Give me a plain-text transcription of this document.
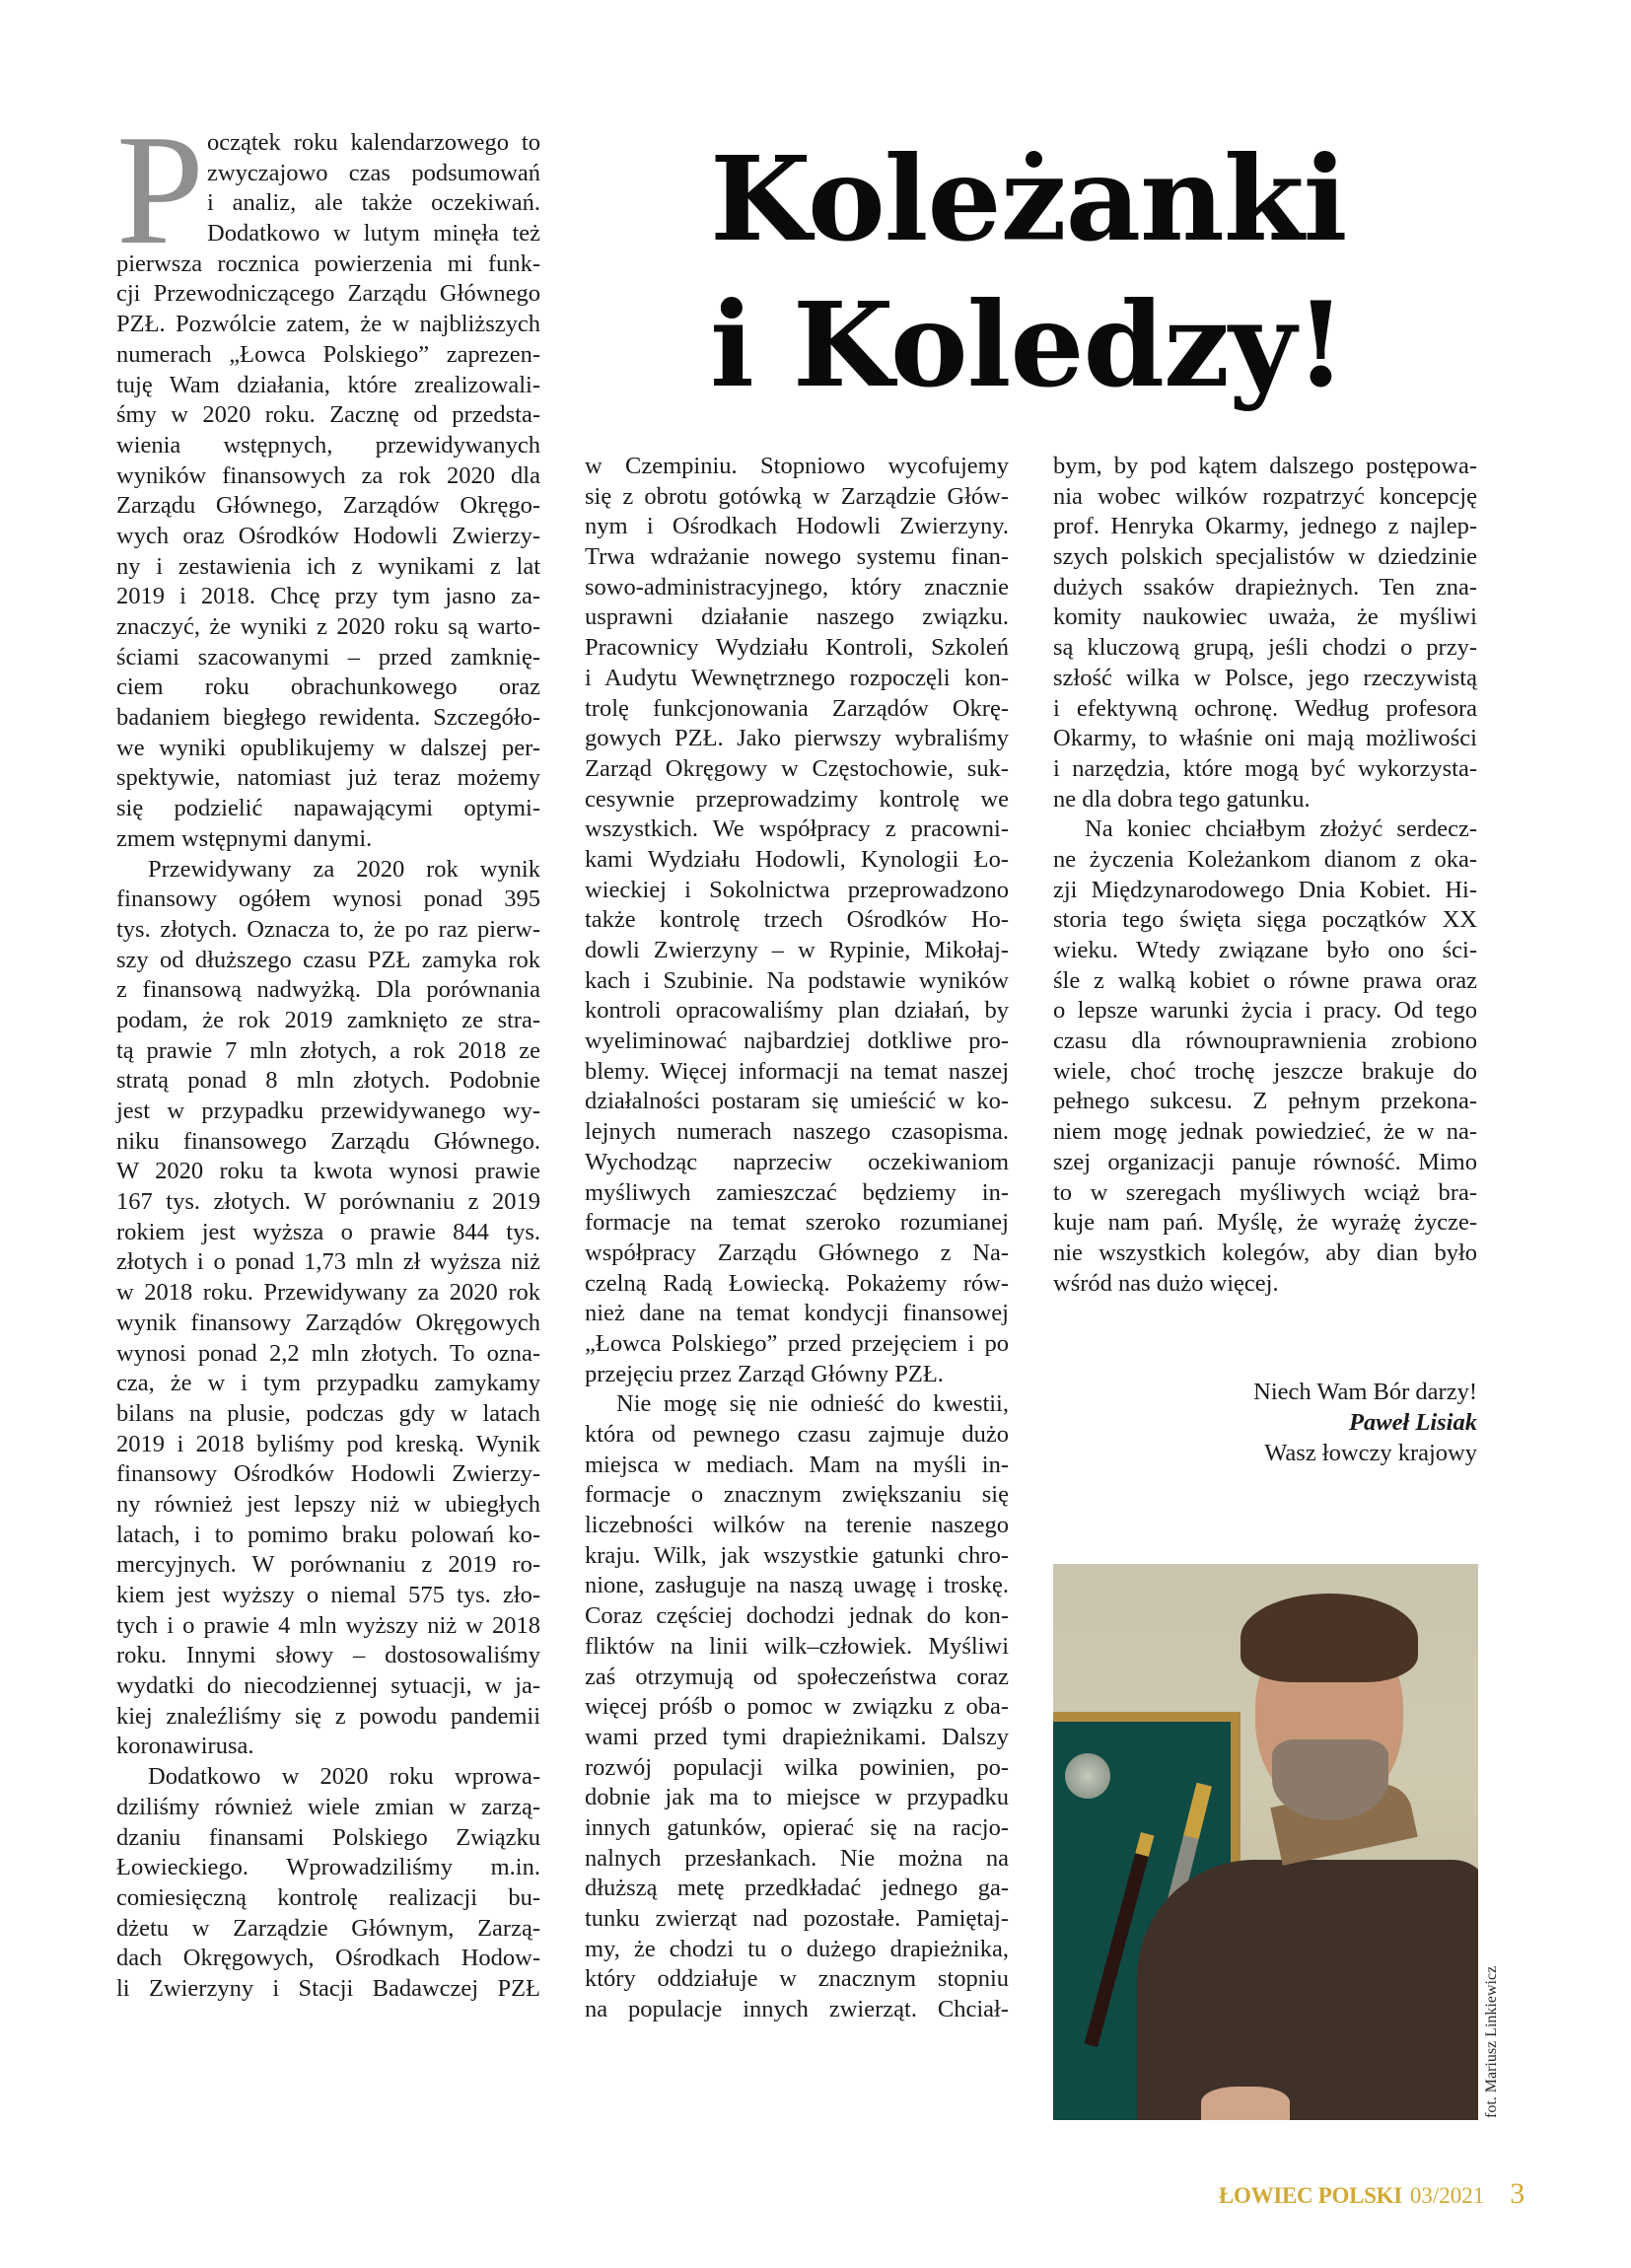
P	Koleżanki
i Koledzy!
oczątek roku kalendarzowego to
zwyczajowo czas podsumowań
i analiz, ale także oczekiwań.
Dodatkowo w lutym minęła też
pierwsza rocznica powierzenia mi funk-
cji Przewodniczącego Zarządu Głównego
PZŁ. Pozwólcie zatem, że w najbliższych
numerach „Łowca Polskiego” zaprezen-
tuję Wam działania, które zrealizowali-
śmy w 2020 roku. Zacznę od przedsta-
wienia wstępnych, przewidywanych
wyników finansowych za rok 2020 dla
Zarządu Głównego, Zarządów Okręgo-
wych oraz Ośrodków Hodowli Zwierzy-
ny i zestawienia ich z wynikami z lat
2019 i 2018. Chcę przy tym jasno za-
znaczyć, że wyniki z 2020 roku są warto-
ściami szacowanymi – przed zamknię-
ciem roku obrachunkowego oraz
badaniem biegłego rewidenta. Szczegóło-
we wyniki opublikujemy w dalszej per-
spektywie, natomiast już teraz możemy
się podzielić napawającymi optymi-
zmem wstępnymi danymi.
Przewidywany za 2020 rok wynik
finansowy ogółem wynosi ponad 395
tys. złotych. Oznacza to, że po raz pierw-
szy od dłuższego czasu PZŁ zamyka rok
z finansową nadwyżką. Dla porównania
podam, że rok 2019 zamknięto ze stra-
tą prawie 7 mln złotych, a rok 2018 ze
stratą ponad 8 mln złotych. Podobnie
jest w przypadku przewidywanego wy-
niku finansowego Zarządu Głównego.
W 2020 roku ta kwota wynosi prawie
167 tys. złotych. W porównaniu z 2019
rokiem jest wyższa o prawie 844 tys.
złotych i o ponad 1,73 mln zł wyższa niż
w 2018 roku. Przewidywany za 2020 rok
wynik finansowy Zarządów Okręgowych
wynosi ponad 2,2 mln złotych. To ozna-
cza, że w i tym przypadku zamykamy
bilans na plusie, podczas gdy w latach
2019 i 2018 byliśmy pod kreską. Wynik
finansowy Ośrodków Hodowli Zwierzy-
ny również jest lepszy niż w ubiegłych
latach, i to pomimo braku polowań ko-
mercyjnych. W porównaniu z 2019 ro-
kiem jest wyższy o niemal 575 tys. zło-
tych i o prawie 4 mln wyższy niż w 2018
roku. Innymi słowy – dostosowaliśmy
wydatki do niecodziennej sytuacji, w ja-
kiej znaleźliśmy się z powodu pandemii
koronawirusa.
Dodatkowo w 2020 roku wprowa-
dziliśmy również wiele zmian w zarzą-
dzaniu finansami Polskiego Związku
Łowieckiego. Wprowadziliśmy m.in.
comiesięczną kontrolę realizacji bu-
dżetu w Zarządzie Głównym, Zarzą-
dach Okręgowych, Ośrodkach Hodow-
li Zwierzyny i Stacji Badawczej PZŁ
w Czempiniu. Stopniowo wycofujemy
się z obrotu gotówką w Zarządzie Głów-
nym i Ośrodkach Hodowli Zwierzyny.
Trwa wdrażanie nowego systemu finan-
sowo-administracyjnego, który znacznie
usprawni działanie naszego związku.
Pracownicy Wydziału Kontroli, Szkoleń
i Audytu Wewnętrznego rozpoczęli kon-
trolę funkcjonowania Zarządów Okrę-
gowych PZŁ. Jako pierwszy wybraliśmy
Zarząd Okręgowy w Częstochowie, suk-
cesywnie przeprowadzimy kontrolę we
wszystkich. We współpracy z pracowni-
kami Wydziału Hodowli, Kynologii Ło-
wieckiej i Sokolnictwa przeprowadzono
także kontrolę trzech Ośrodków Ho-
dowli Zwierzyny – w Rypinie, Mikołaj-
kach i Szubinie. Na podstawie wyników
kontroli opracowaliśmy plan działań, by
wyeliminować najbardziej dotkliwe pro-
blemy. Więcej informacji na temat naszej
działalności postaram się umieścić w ko-
lejnych numerach naszego czasopisma.
Wychodząc naprzeciw oczekiwaniom
myśliwych zamieszczać będziemy in-
formacje na temat szeroko rozumianej
współpracy Zarządu Głównego z Na-
czelną Radą Łowiecką. Pokażemy rów-
nież dane na temat kondycji finansowej
„Łowca Polskiego” przed przejęciem i po
przejęciu przez Zarząd Główny PZŁ.
Nie mogę się nie odnieść do kwestii,
która od pewnego czasu zajmuje dużo
miejsca w mediach. Mam na myśli in-
formacje o znacznym zwiększaniu się
liczebności wilków na terenie naszego
kraju. Wilk, jak wszystkie gatunki chro-
nione, zasługuje na naszą uwagę i troskę.
Coraz częściej dochodzi jednak do kon-
fliktów na linii wilk–człowiek. Myśliwi
zaś otrzymują od społeczeństwa coraz
więcej próśb o pomoc w związku z oba-
wami przed tymi drapieżnikami. Dalszy
rozwój populacji wilka powinien, po-
dobnie jak ma to miejsce w przypadku
innych gatunków, opierać się na racjo-
nalnych przesłankach. Nie można na
dłuższą metę przedkładać jednego ga-
tunku zwierząt nad pozostałe. Pamiętaj-
my, że chodzi tu o dużego drapieżnika,
który oddziałuje w znacznym stopniu
na populacje innych zwierząt. Chciał-
bym, by pod kątem dalszego postępowa-
nia wobec wilków rozpatrzyć koncepcję
prof. Henryka Okarmy, jednego z najlep-
szych polskich specjalistów w dziedzinie
dużych ssaków drapieżnych. Ten zna-
komity naukowiec uważa, że myśliwi
są kluczową grupą, jeśli chodzi o przy-
szłość wilka w Polsce, jego rzeczywistą
i efektywną ochronę. Według profesora
Okarmy, to właśnie oni mają możliwości
i narzędzia, które mogą być wykorzysta-
ne dla dobra tego gatunku.
Na koniec chciałbym złożyć serdecz-
ne życzenia Koleżankom dianom z oka-
zji Międzynarodowego Dnia Kobiet. Hi-
storia tego święta sięga początków XX
wieku. Wtedy związane było ono ści-
śle z walką kobiet o równe prawa oraz
o lepsze warunki życia i pracy. Od tego
czasu dla równouprawnienia zrobiono
wiele, choć trochę jeszcze brakuje do
pełnego sukcesu. Z pełnym przekona-
niem mogę jednak powiedzieć, że w na-
szej organizacji panuje równość. Mimo
to w szeregach myśliwych wciąż bra-
kuje nam pań. Myślę, że wyrażę życze-
nie wszystkich kolegów, aby dian było
wśród nas dużo więcej.
Niech Wam Bór darzy!
Paweł Lisiak
Wasz łowczy krajowy
fot. Mariusz Linkiewicz
ŁOWIEC POLSKI 03/2021 3
